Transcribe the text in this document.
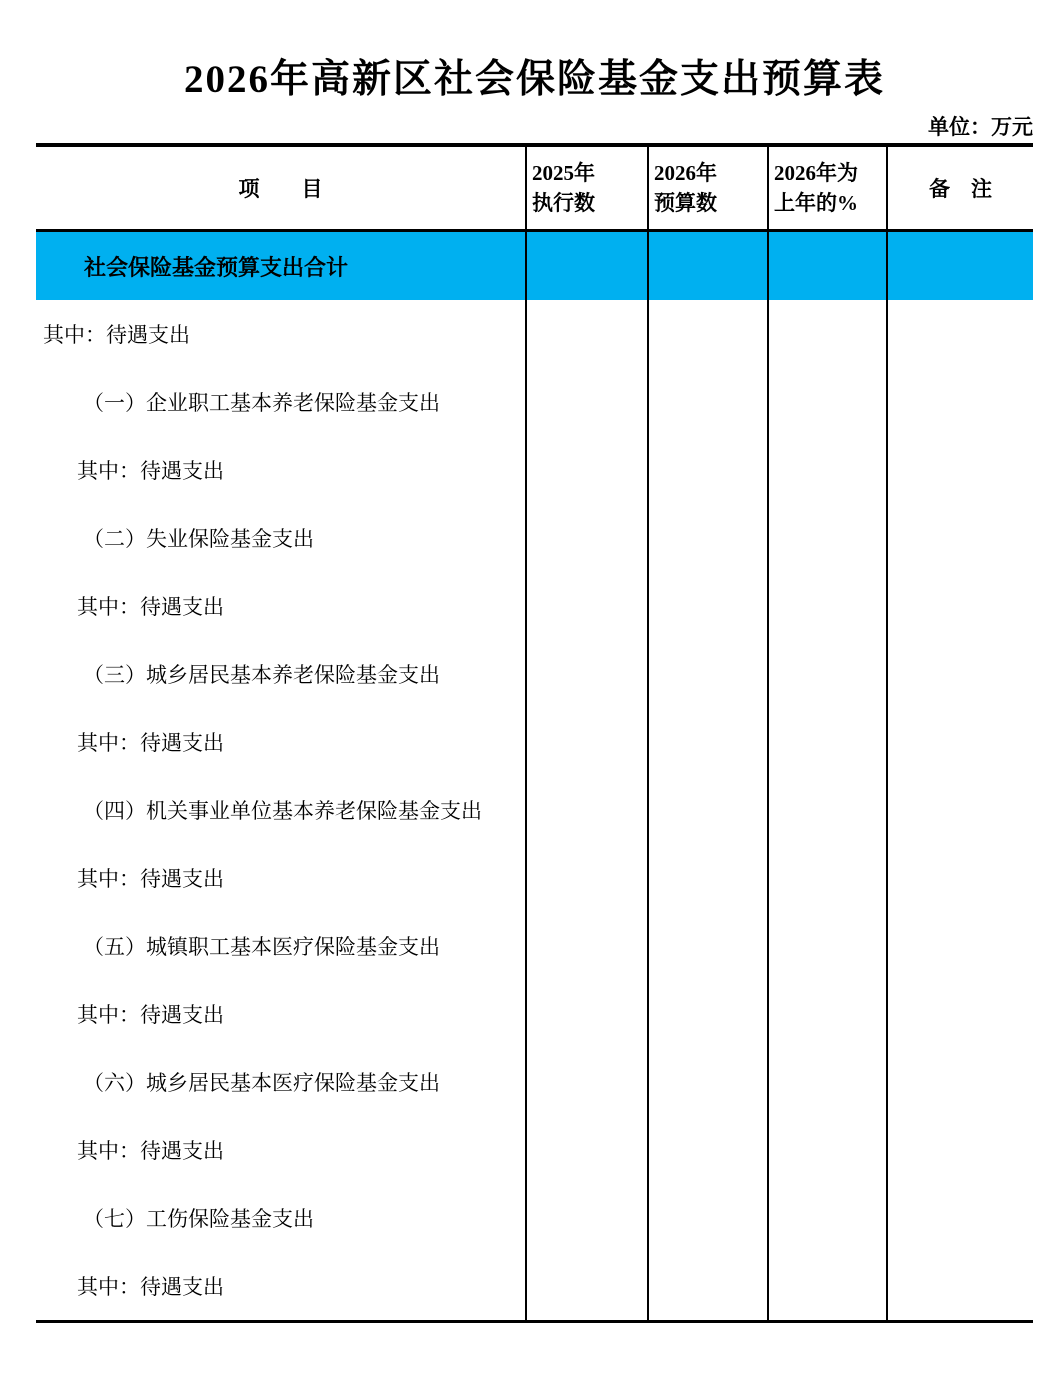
2026年高新区社会保险基金支出预算表
单位：万元
项　　目
2025年
执行数
2026年
预算数
2026年为
上年的%
备　注
社会保险基金预算支出合计
其中：待遇支出
（一）企业职工基本养老保险基金支出
其中：待遇支出
（二）失业保险基金支出
其中：待遇支出
（三）城乡居民基本养老保险基金支出
其中：待遇支出
（四）机关事业单位基本养老保险基金支出
其中：待遇支出
（五）城镇职工基本医疗保险基金支出
其中：待遇支出
（六）城乡居民基本医疗保险基金支出
其中：待遇支出
（七）工伤保险基金支出
其中：待遇支出
